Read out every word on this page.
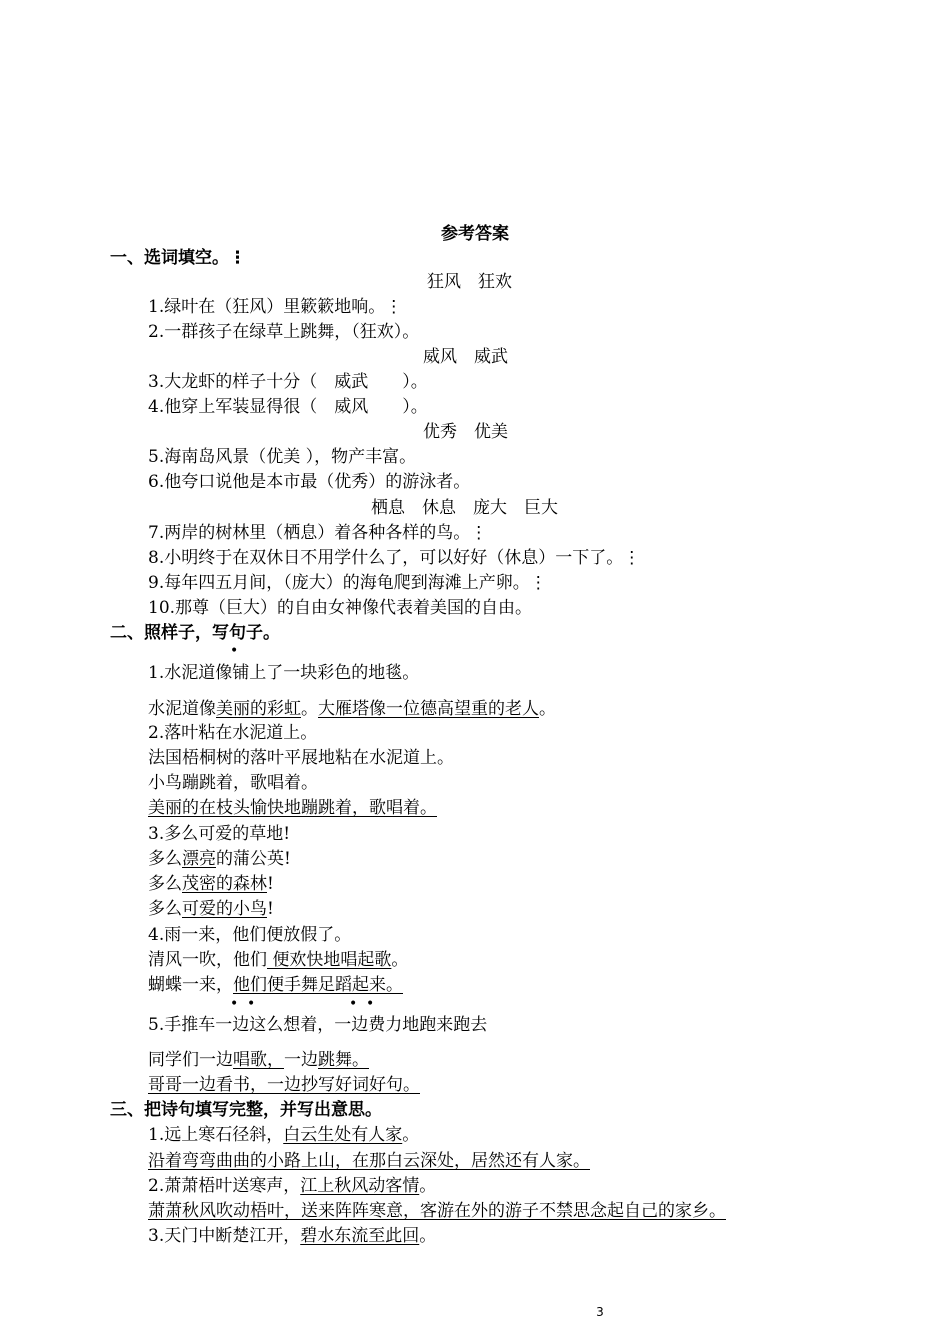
参考答案
一、选词填空。⋮
狂风　狂欢
1.绿叶在（狂风）里簌簌地响。⋮
2.一群孩子在绿草上跳舞，（狂欢）。
威风　威武
3.大龙虾的样子十分（　威武　　）。
4.他穿上军装显得很（　威风　　）。
优秀　优美
5.海南岛风景（优美 ），物产丰富。
6.他夸口说他是本市最（优秀）的游泳者。
栖息　休息　庞大　巨大
7.两岸的树林里（栖息）着各种各样的鸟。⋮
8.小明终于在双休日不用学什么了，可以好好（休息）一下了。⋮
9.每年四五月间，（庞大）的海龟爬到海滩上产卵。⋮
10.那尊（巨大）的自由女神像代表着美国的自由。
二、照样子，写句子。
•
1.水泥道像铺上了一块彩色的地毯。
水泥道像美丽的彩虹。大雁塔像一位德高望重的老人。
2.落叶粘在水泥道上。
法国梧桐树的落叶平展地粘在水泥道上。
小鸟蹦跳着，歌唱着。
美丽的在枝头愉快地蹦跳着，歌唱着。
3.多么可爱的草地!
多么漂亮的蒲公英!
多么茂密的森林!
多么可爱的小鸟!
4.雨一来，他们便放假了。
清风一吹，他们 便欢快地唱起歌。
蝴蝶一来，他们便手舞足蹈起来。
• •	• •
5.手推车一边这么想着，一边费力地跑来跑去
同学们一边唱歌，一边跳舞。
哥哥一边看书，一边抄写好词好句。
三、把诗句填写完整，并写出意思。
1.远上寒石径斜，白云生处有人家。
沿着弯弯曲曲的小路上山，在那白云深处，居然还有人家。
2.萧萧梧叶送寒声，江上秋风动客情。
萧萧秋风吹动梧叶，送来阵阵寒意，客游在外的游子不禁思念起自己的家乡。
3.天门中断楚江开，碧水东流至此回。
3
